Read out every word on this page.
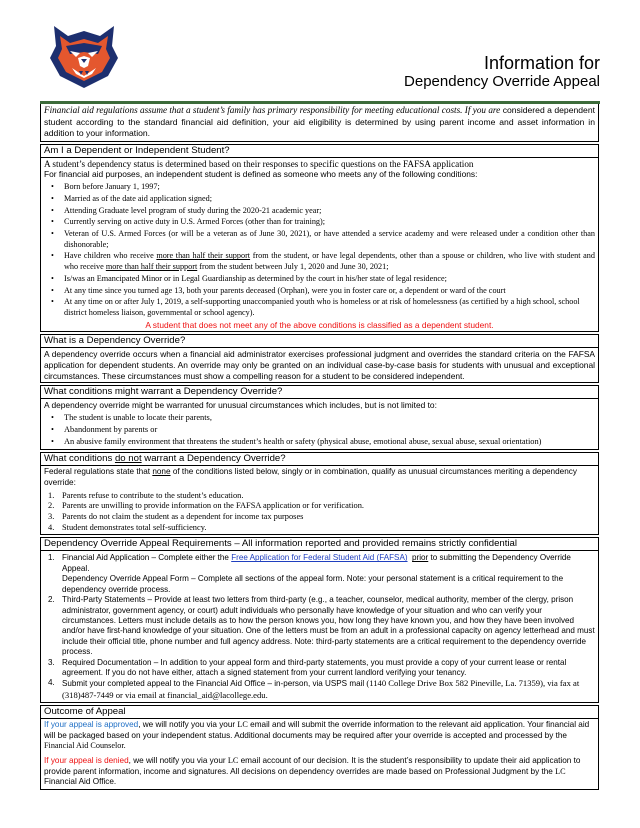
Information for
Dependency Override Appeal
Financial aid regulations assume that a student’s family has primary responsibility for meeting educational costs. If you are considered a dependent student according to the standard financial aid definition, your aid eligibility is determined by using parent income and asset information in addition to your information.
Am I a Dependent or Independent Student?
A student’s dependency status is determined based on their responses to specific questions on the FAFSA application
For financial aid purposes, an independent student is defined as someone who meets any of the following conditions:
• Born before January 1, 1997;
• Married as of the date aid application signed;
• Attending Graduate level program of study during the 2020-21 academic year;
• Currently serving on active duty in U.S. Armed Forces (other than for training);
• Veteran of U.S. Armed Forces (or will be a veteran as of June 30, 2021), or have attended a service academy and were released under a condition other than dishonorable;
• Have children who receive more than half their support from the student, or have legal dependents, other than a spouse or children, who live with student and who receive more than half their support from the student between July 1, 2020 and June 30, 2021;
• Is/was an Emancipated Minor or in Legal Guardianship as determined by the court in his/her state of legal residence;
• At any time since you turned age 13, both your parents deceased (Orphan), were you in foster care or, a dependent or ward of the court
• At any time on or after July 1, 2019, a self-supporting unaccompanied youth who is homeless or at risk of homelessness (as certified by a high school, school district homeless liaison, governmental or school agency).
A student that does not meet any of the above conditions is classified as a dependent student.
What is a Dependency Override?
A dependency override occurs when a financial aid administrator exercises professional judgment and overrides the standard criteria on the FAFSA application for dependent students. An override may only be granted on an individual case-by-case basis for students with unusual and exceptional circumstances. These circumstances must show a compelling reason for a student to be considered independent.
What conditions might warrant a Dependency Override?
A dependency override might be warranted for unusual circumstances which includes, but is not limited to:
• The student is unable to locate their parents,
• Abandonment by parents or
• An abusive family environment that threatens the student’s health or safety (physical abuse, emotional abuse, sexual abuse, sexual orientation)
What conditions do not warrant a Dependency Override?
Federal regulations state that none of the conditions listed below, singly or in combination, qualify as unusual circumstances meriting a dependency override:
1. Parents refuse to contribute to the student’s education.
2. Parents are unwilling to provide information on the FAFSA application or for verification.
3. Parents do not claim the student as a dependent for income tax purposes
4. Student demonstrates total self-sufficiency.
Dependency Override Appeal Requirements – All information reported and provided remains strictly confidential
1. Financial Aid Application – Complete either the Free Application for Federal Student Aid (FAFSA) prior to submitting the Dependency Override Appeal.
Dependency Override Appeal Form – Complete all sections of the appeal form. Note: your personal statement is a critical requirement to the dependency override process.
2. Third-Party Statements – Provide at least two letters from third-party (e.g., a teacher, counselor, medical authority, member of the clergy, prison administrator, government agency, or court) adult individuals who personally have knowledge of your situation and who can verify your circumstances. Letters must include details as to how the person knows you, how long they have known you, and how they have been involved and/or have first-hand knowledge of your situation. One of the letters must be from an adult in a professional capacity on agency letterhead and must include their official title, phone number and full agency address. Note: third-party statements are a critical requirement to the dependency override process.
3. Required Documentation – In addition to your appeal form and third-party statements, you must provide a copy of your current lease or rental agreement. If you do not have either, attach a signed statement from your current landlord verifying your tenancy.
4. Submit your completed appeal to the Financial Aid Office – in-person, via USPS mail (1140 College Drive Box 582 Pineville, La. 71359), via fax at (318)487-7449 or via email at financial_aid@lacollege.edu.
Outcome of Appeal
If your appeal is approved, we will notify you via your LC email and will submit the override information to the relevant aid application. Your financial aid will be packaged based on your independent status. Additional documents may be required after your override is accepted and processed by the Financial Aid Counselor.
If your appeal is denied, we will notify you via your LC email account of our decision. It is the student’s responsibility to update their aid application to provide parent information, income and signatures. All decisions on dependency overrides are made based on Professional Judgment by the LC Financial Aid Office.
